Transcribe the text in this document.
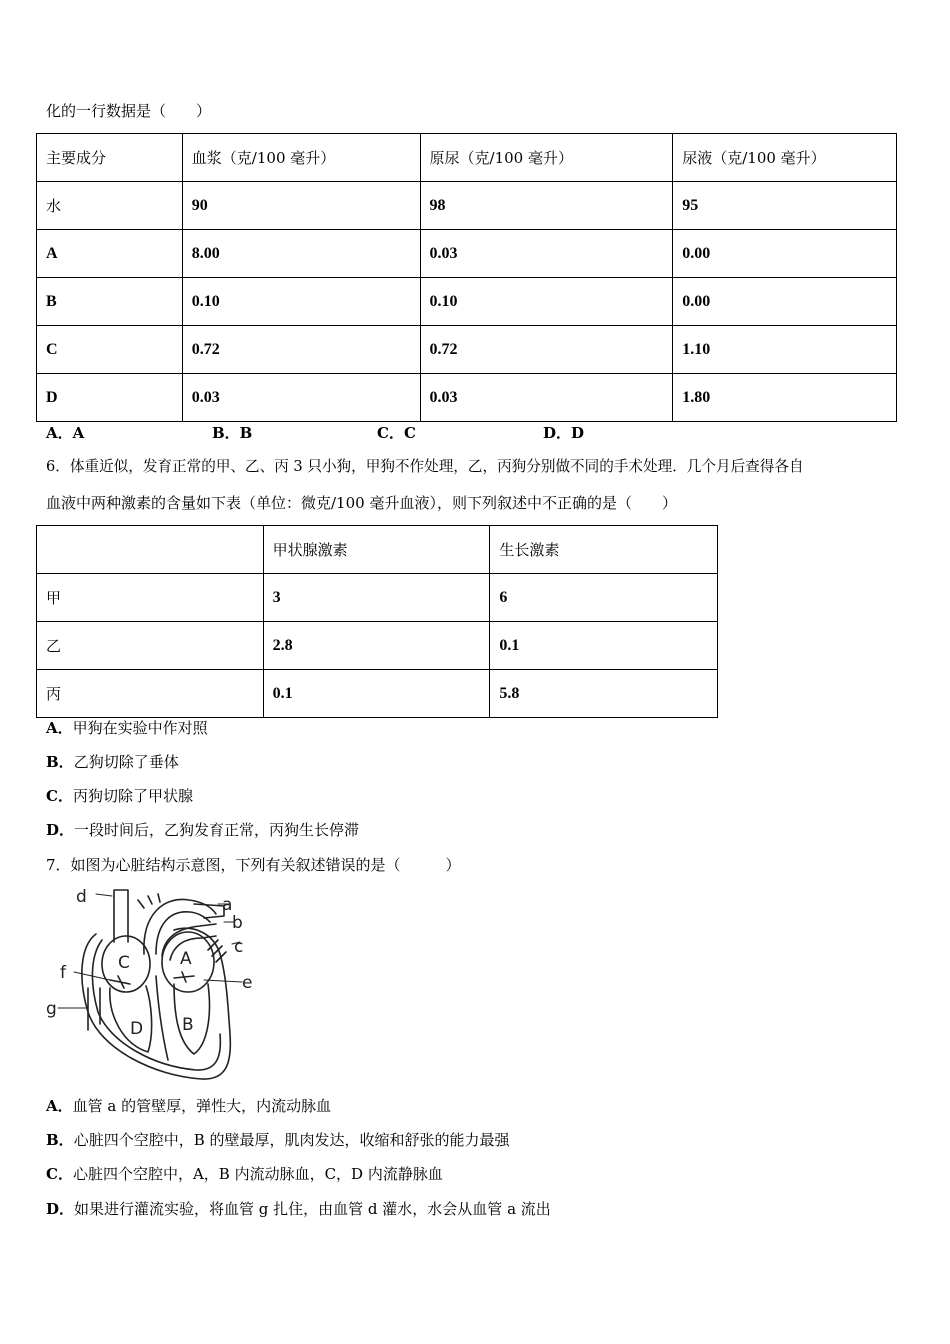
化的一行数据是（　　）
主要成分	血浆（克/100 毫升）	原尿（克/100 毫升）	尿液（克/100 毫升）
水	90	98	95
A	8.00	0.03	0.00
B	0.10	0.10	0.00
C	0.72	0.72	1.10
D	0.03	0.03	1.80
A．A	B．B	C．C	D．D
6．体重近似，发育正常的甲、乙、丙 3 只小狗，甲狗不作处理，乙，丙狗分别做不同的手术处理．几个月后查得各自
血液中两种激素的含量如下表（单位：微克/100 毫升血液），则下列叙述中不正确的是（　　）
	甲状腺激素	生长激素
甲	3	6
乙	2.8	0.1
丙	0.1	5.8
A．甲狗在实验中作对照
B．乙狗切除了垂体
C．丙狗切除了甲状腺
D．一段时间后，乙狗发育正常，丙狗生长停滞
7．如图为心脏结构示意图，下列有关叙述错误的是（　　　）
d	a
b
c
e
f
g
C	A
D B
A．血管 a 的管壁厚，弹性大，内流动脉血
B．心脏四个空腔中，B 的壁最厚，肌肉发达，收缩和舒张的能力最强
C．心脏四个空腔中，A，B 内流动脉血，C，D 内流静脉血
D．如果进行灌流实验，将血管 g 扎住，由血管 d 灌水，水会从血管 a 流出
